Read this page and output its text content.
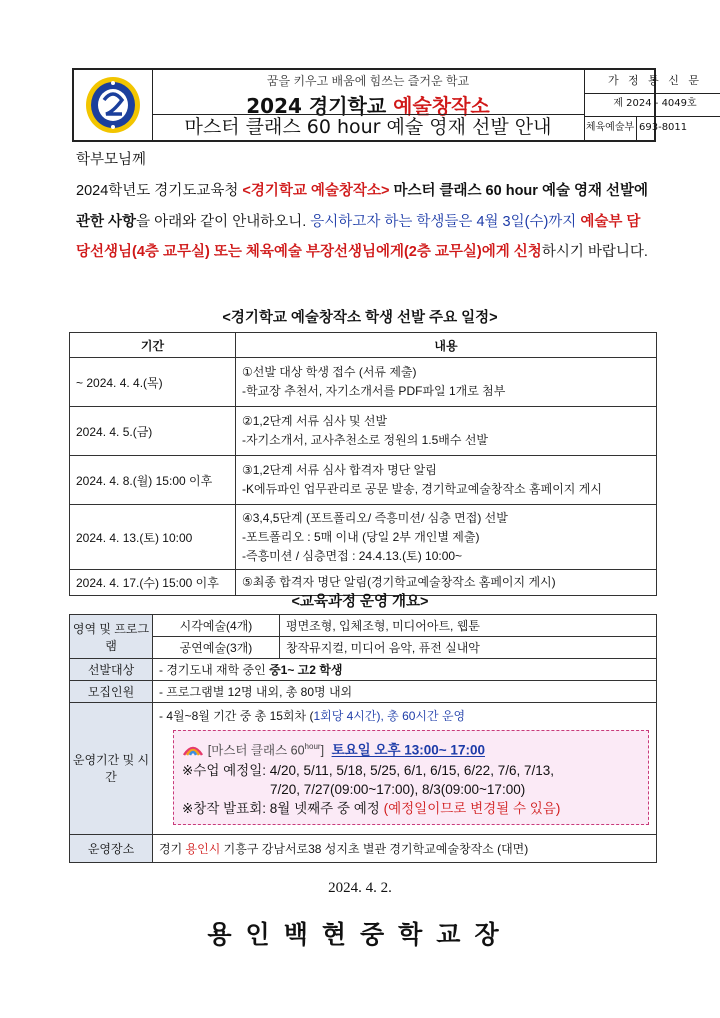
꿈을 키우고 배움에 힘쓰는 즐거운 학교
2024 경기학교 예술창작소
마스터 클래스 60 hour 예술 영재 선발 안내
가 정 통 신 문
제 2024 - 4049호
체육예술부 693-8011
학부모님께
2024학년도 경기도교육청 <경기학교 예술창작소> 마스터 클래스 60 hour 예술 영재 선발에 관한 사항을 아래와 같이 안내하오니. 응시하고자 하는 학생들은 4월 3일(수)까지 예술부 담당선생님(4층 교무실) 또는 체육예술 부장선생님에게(2층 교무실)에게 신청하시기 바랍니다.
<경기학교 예술창작소 학생 선발 주요 일정>
기간	내용
~ 2024. 4. 4.(목)	①선발 대상 학생 접수 (서류 제출)
-학교장 추천서, 자기소개서를 PDF파일 1개로 첨부

2024. 4. 5.(금)	②1,2단계 서류 심사 및 선발
-자기소개서, 교사추천소로 정원의 1.5배수 선발

2024. 4. 8.(월) 15:00 이후	③1,2단계 서류 심사 합격자 명단 알림
-K에듀파인 업무관리로 공문 발송, 경기학교예술창작소 홈페이지 게시

2024. 4. 13.(토) 10:00	④3,4,5단계 (포트폴리오/ 즉흥미션/ 심층 면접) 선발
-포트폴리오 : 5매 이내 (당일 2부 개인별 제출)
-즉흥미션 / 심층면접 : 24.4.13.(토) 10:00~

2024. 4. 17.(수) 15:00 이후	⑤최종 합격자 명단 알림(경기학교예술창작소 홈페이지 게시)
<교육과정 운영 개요>
영역 및 프로그램	시각예술(4개)	평면조형, 입체조형, 미디어아트, 웹툰
	공연예술(3개)	창작뮤지컬, 미디어 음악, 퓨전 실내악
선발대상	- 경기도내 재학 중인 중1~ 고2 학생	
모집인원	- 프로그램별 12명 내외, 총 80명 내외	
운영기간 및 시간	- 4월~8월 기간 중 총 15회차 (1회당 4시간), 총 60시간 운영
[마스터 클래스 $60^{hour}$] 토요일 오후 13:00~ 17:00
※수업 예정일: 4/20, 5/11, 5/18, 5/25, 6/1, 6/15, 6/22, 7/6, 7/13,
7/20, 7/27(09:00~17:00), 8/3(09:00~17:00)
※창작 발표회: 8월 넷째주 중 예정 (예정일이므로 변경될 수 있음)	

운영장소	경기 용인시 기흥구 강남서로38 성지초 별관 경기학교예술창작소 (대면)	
2024. 4. 2.
용인백현중학교장
